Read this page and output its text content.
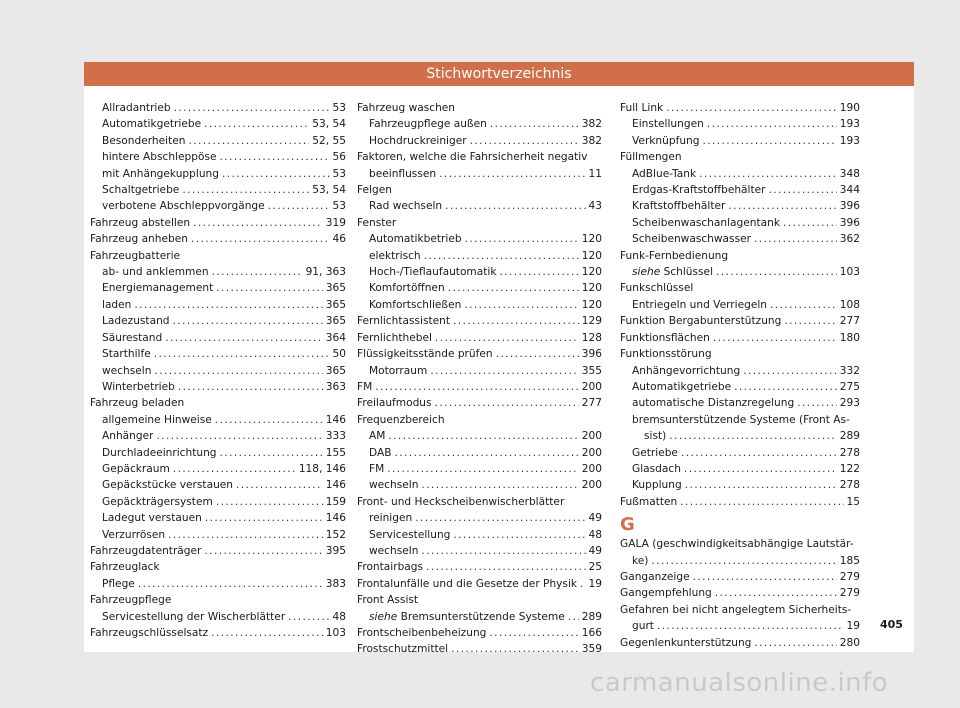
Stichwortverzeichnis
Allradantrieb .....	53
Automatikgetriebe .....	53, 54
Besonderheiten .....	52, 55
hintere Abschleppöse .....	56
mit Anhängekupplung .....	53
Schaltgetriebe .....	53, 54
verbotene Abschleppvorgänge .....	53
Fahrzeug abstellen .....	319
Fahrzeug anheben .....	46
Fahrzeugbatterie
ab- und anklemmen .....	91, 363
Energiemanagement .....	365
laden .....	365
Ladezustand .....	365
Säurestand .....	364
Starthilfe .....	50
wechseln .....	365
Winterbetrieb .....	363
Fahrzeug beladen
allgemeine Hinweise .....	146
Anhänger .....	333
Durchladeeinrichtung .....	155
Gepäckraum .....	118, 146
Gepäckstücke verstauen .....	146
Gepäckträgersystem .....	159
Ladegut verstauen .....	146
Verzurrösen .....	152
Fahrzeugdatenträger .....	395
Fahrzeuglack
Pflege .....	383
Fahrzeugpflege
Servicestellung der Wischerblätter .....	48
Fahrzeugschlüsselsatz .....	103
Fahrzeug waschen
Fahrzeugpflege außen .....	382
Hochdruckreiniger .....	382
Faktoren, welche die Fahrsicherheit negativ
beeinflussen .....	11
Felgen
Rad wechseln .....	43
Fenster
Automatikbetrieb .....	120
elektrisch .....	120
Hoch-/Tieflaufautomatik .....	120
Komfortöffnen .....	120
Komfortschließen .....	120
Fernlichtassistent .....	129
Fernlichthebel .....	128
Flüssigkeitsstände prüfen .....	396
Motorraum .....	355
FM .....	200
Freilaufmodus .....	277
Frequenzbereich
AM .....	200
DAB .....	200
FM .....	200
wechseln .....	200
Front- und Heckscheibenwischerblätter
reinigen .....	49
Servicestellung .....	48
wechseln .....	49
Frontairbags .....	25
Frontalunfälle und die Gesetze der Physik ..... 19
Front Assist
siehe Bremsunterstützende Systeme ..... 289
Frontscheibenbeheizung .....	166
Frostschutzmittel .....	359
Full Link .....	190
Einstellungen .....	193
Verknüpfung .....	193
Füllmengen
AdBlue-Tank .....	348
Erdgas-Kraftstoffbehälter .....	344
Kraftstoffbehälter .....	396
Scheibenwaschanlagentank .....	396
Scheibenwaschwasser .....	362
Funk-Fernbedienung
siehe Schlüssel .....	103
Funkschlüssel
Entriegeln und Verriegeln .....	108
Funktion Bergabunterstützung .....	277
Funktionsflächen .....	180
Funktionsstörung
Anhängevorrichtung .....	332
Automatikgetriebe .....	275
automatische Distanzregelung .....	293
bremsunterstützende Systeme (Front As-
sist) .....	289
Getriebe .....	278
Glasdach .....	122
Kupplung .....	278
Fußmatten .....	15
G
GALA (geschwindigkeitsabhängige Lautstär-
ke) .....	185
Ganganzeige .....	279
Gangempfehlung .....	279
Gefahren bei nicht angelegtem Sicherheits-
gurt .....	19
Gegenlenkunterstützung .....	280
405
carmanualsonline.info
